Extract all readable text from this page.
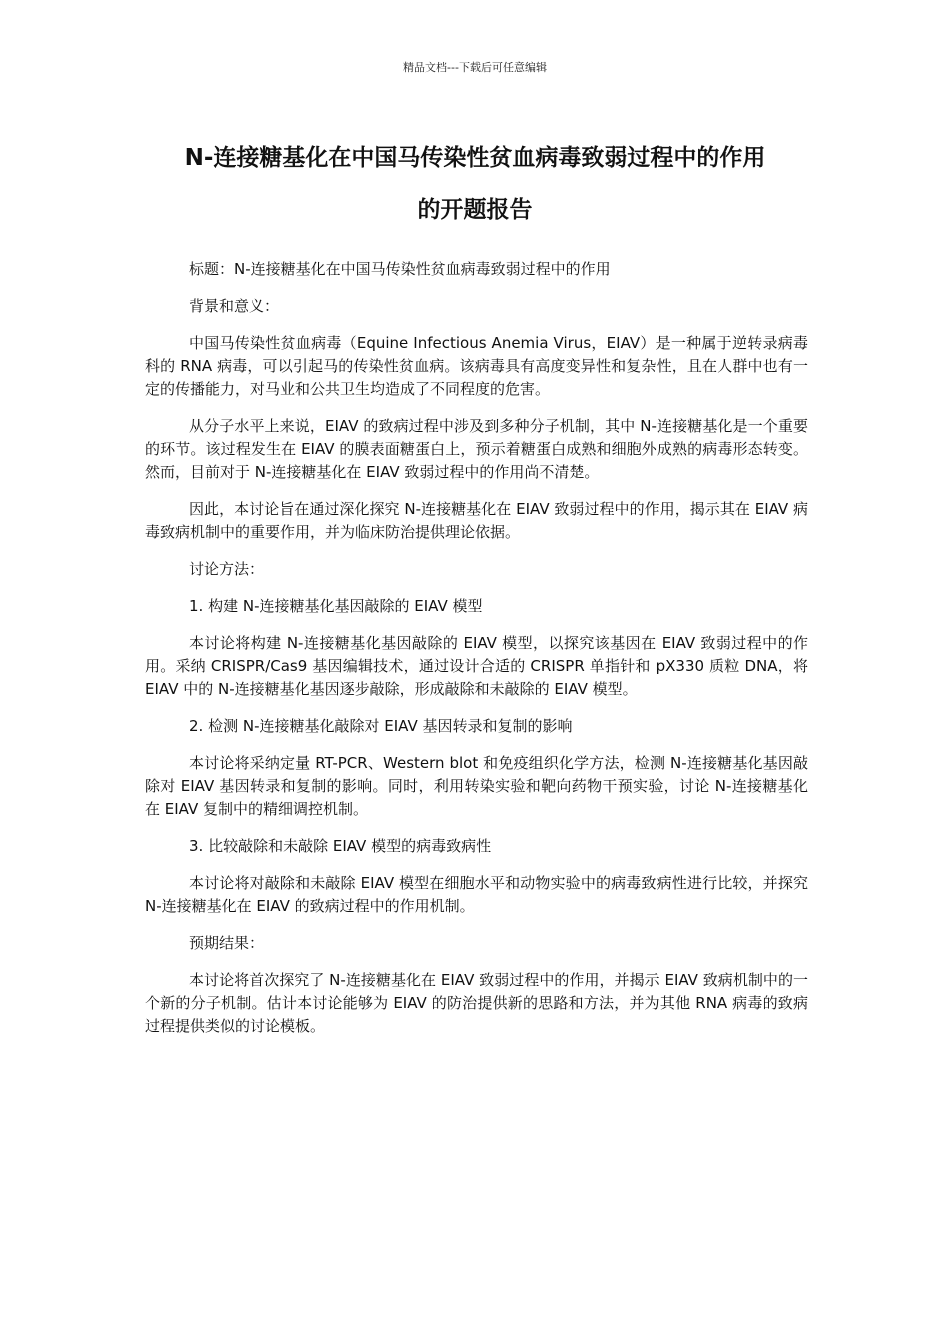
精品文档---下载后可任意编辑
N-连接糖基化在中国马传染性贫血病毒致弱过程中的作用
的开题报告

标题：N-连接糖基化在中国马传染性贫血病毒致弱过程中的作用

背景和意义：

中国马传染性贫血病毒（Equine Infectious Anemia Virus，EIAV）是一种属于逆转录病毒科的 RNA 病毒，可以引起马的传染性贫血病。该病毒具有高度变异性和复杂性，且在人群中也有一定的传播能力，对马业和公共卫生均造成了不同程度的危害。

从分子水平上来说，EIAV 的致病过程中涉及到多种分子机制，其中 N-连接糖基化是一个重要的环节。该过程发生在 EIAV 的膜表面糖蛋白上，预示着糖蛋白成熟和细胞外成熟的病毒形态转变。然而，目前对于 N-连接糖基化在 EIAV 致弱过程中的作用尚不清楚。

因此，本讨论旨在通过深化探究 N-连接糖基化在 EIAV 致弱过程中的作用，揭示其在 EIAV 病毒致病机制中的重要作用，并为临床防治提供理论依据。

讨论方法：

1. 构建 N-连接糖基化基因敲除的 EIAV 模型

本讨论将构建 N-连接糖基化基因敲除的 EIAV 模型，以探究该基因在 EIAV 致弱过程中的作用。采纳 CRISPR/Cas9 基因编辑技术，通过设计合适的 CRISPR 单指针和 pX330 质粒 DNA，将 EIAV 中的 N-连接糖基化基因逐步敲除，形成敲除和未敲除的 EIAV 模型。

2. 检测 N-连接糖基化敲除对 EIAV 基因转录和复制的影响

本讨论将采纳定量 RT-PCR、Western blot 和免疫组织化学方法，检测 N-连接糖基化基因敲除对 EIAV 基因转录和复制的影响。同时，利用转染实验和靶向药物干预实验，讨论 N-连接糖基化在 EIAV 复制中的精细调控机制。

3. 比较敲除和未敲除 EIAV 模型的病毒致病性

本讨论将对敲除和未敲除 EIAV 模型在细胞水平和动物实验中的病毒致病性进行比较，并探究 N-连接糖基化在 EIAV 的致病过程中的作用机制。

预期结果：

本讨论将首次探究了 N-连接糖基化在 EIAV 致弱过程中的作用，并揭示 EIAV 致病机制中的一个新的分子机制。估计本讨论能够为 EIAV 的防治提供新的思路和方法，并为其他 RNA 病毒的致病过程提供类似的讨论模板。
